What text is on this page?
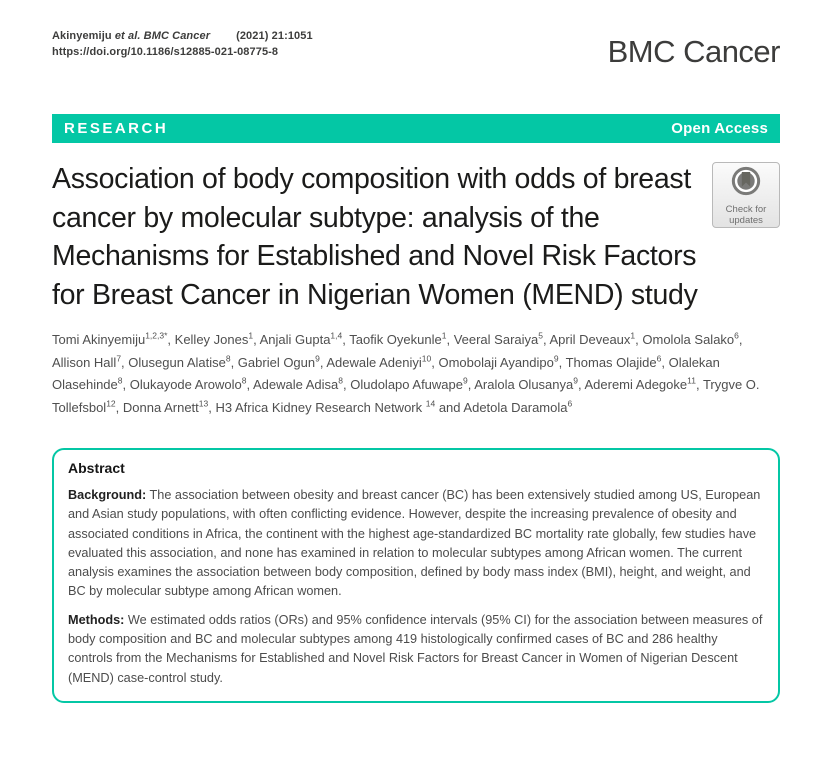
Akinyemiju et al. BMC Cancer (2021) 21:1051
https://doi.org/10.1186/s12885-021-08775-8	BMC Cancer
RESEARCH	Open Access
Association of body composition with odds of breast cancer by molecular subtype: analysis of the Mechanisms for Established and Novel Risk Factors for Breast Cancer in Nigerian Women (MEND) study
Check for
updates

Tomi Akinyemiju$^{1,2,3*}$, Kelley Jones$^1$, Anjali Gupta$^{1,4}$, Taofik Oyekunle$^1$, Veeral Saraiya$^5$, April Deveaux$^1$, Omolola Salako$^6$, Allison Hall$^7$, Olusegun Alatise$^8$, Gabriel Ogun$^9$, Adewale Adeniyi$^{10}$, Omobolaji Ayandipo$^9$, Thomas Olajide$^6$, Olalekan Olasehinde$^8$, Olukayode Arowolo$^8$, Adewale Adisa$^8$, Oludolapo Afuwape$^9$, Aralola Olusanya$^9$, Aderemi Adegoke$^{11}$, Trygve O. Tollefsbol$^{12}$, Donna Arnett$^{13}$, H3 Africa Kidney Research Network $^{14}$ and Adetola Daramola$^6$

Abstract

Background: The association between obesity and breast cancer (BC) has been extensively studied among US, European and Asian study populations, with often conflicting evidence. However, despite the increasing prevalence of obesity and associated conditions in Africa, the continent with the highest age-standardized BC mortality rate globally, few studies have evaluated this association, and none has examined in relation to molecular subtypes among African women. The current analysis examines the association between body composition, defined by body mass index (BMI), height, and weight, and BC by molecular subtype among African women.

Methods: We estimated odds ratios (ORs) and 95% confidence intervals (95% CI) for the association between measures of body composition and BC and molecular subtypes among 419 histologically confirmed cases of BC and 286 healthy controls from the Mechanisms for Established and Novel Risk Factors for Breast Cancer in Women of Nigerian Descent (MEND) case-control study.
